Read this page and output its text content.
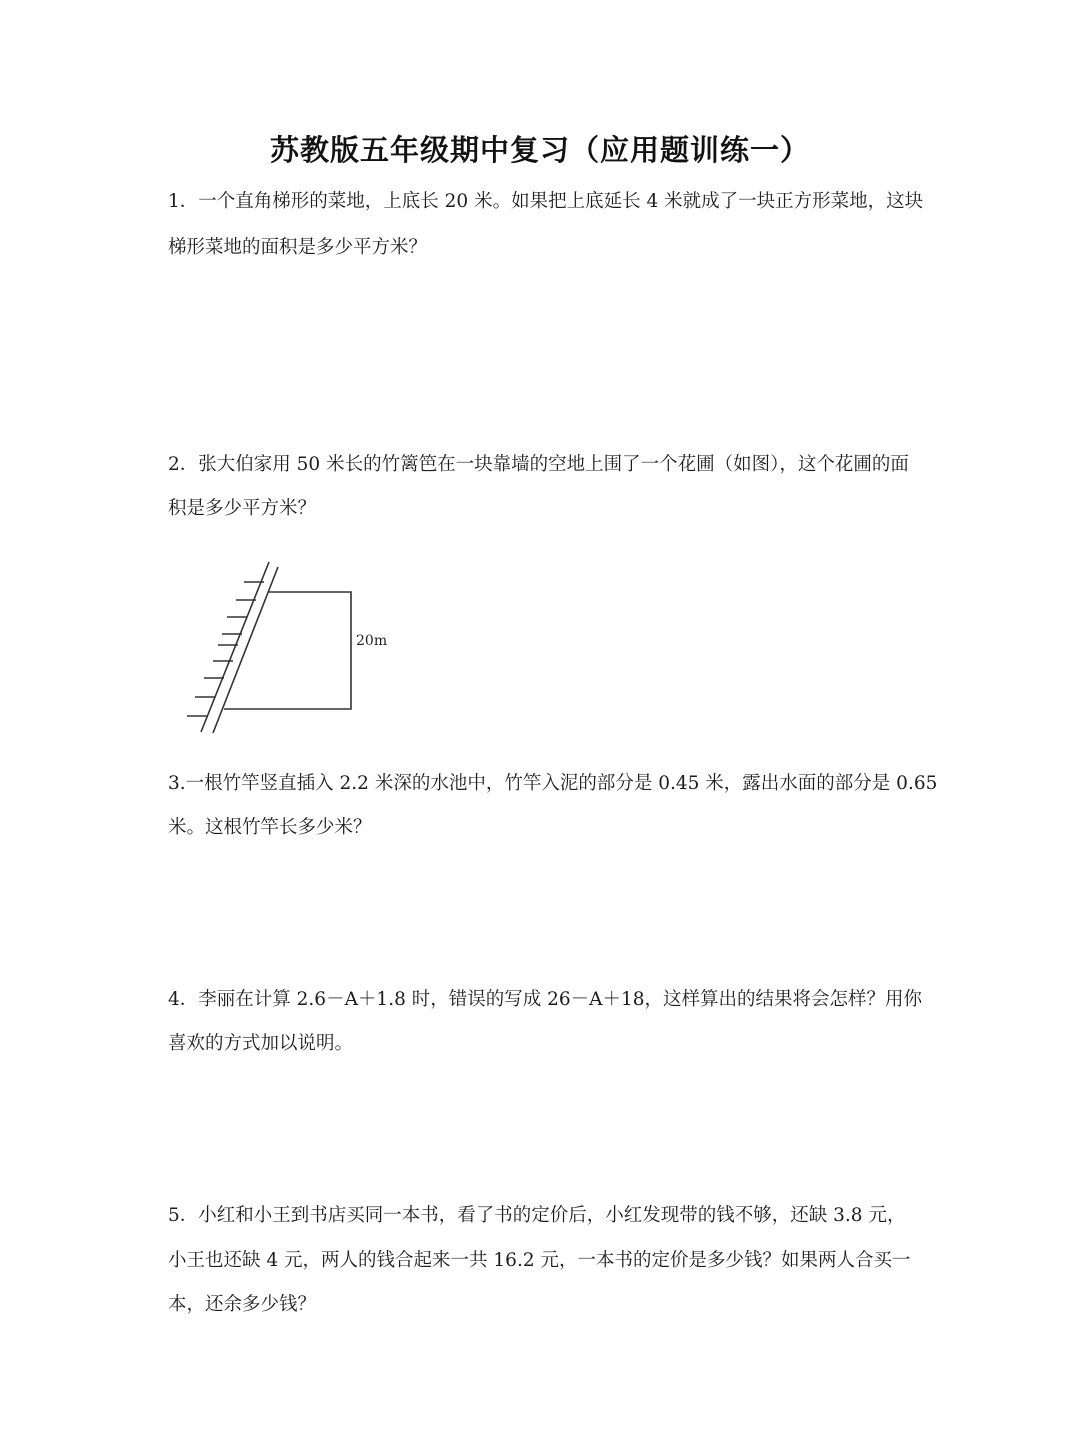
苏教版五年级期中复习（应用题训练一）
1．一个直角梯形的菜地，上底长 20 米。如果把上底延长 4 米就成了一块正方形菜地，这块
梯形菜地的面积是多少平方米？
2．张大伯家用 50 米长的竹篱笆在一块靠墙的空地上围了一个花圃（如图），这个花圃的面
积是多少平方米？
20m
3.一根竹竿竖直插入 2.2 米深的水池中，竹竿入泥的部分是 0.45 米，露出水面的部分是 0.65
米。这根竹竿长多少米？
4．李丽在计算 2.6－A＋1.8 时，错误的写成 26－A＋18，这样算出的结果将会怎样？用你
喜欢的方式加以说明。
5．小红和小王到书店买同一本书，看了书的定价后，小红发现带的钱不够，还缺 3.8 元，
小王也还缺 4 元，两人的钱合起来一共 16.2 元，一本书的定价是多少钱？如果两人合买一
本，还余多少钱？
